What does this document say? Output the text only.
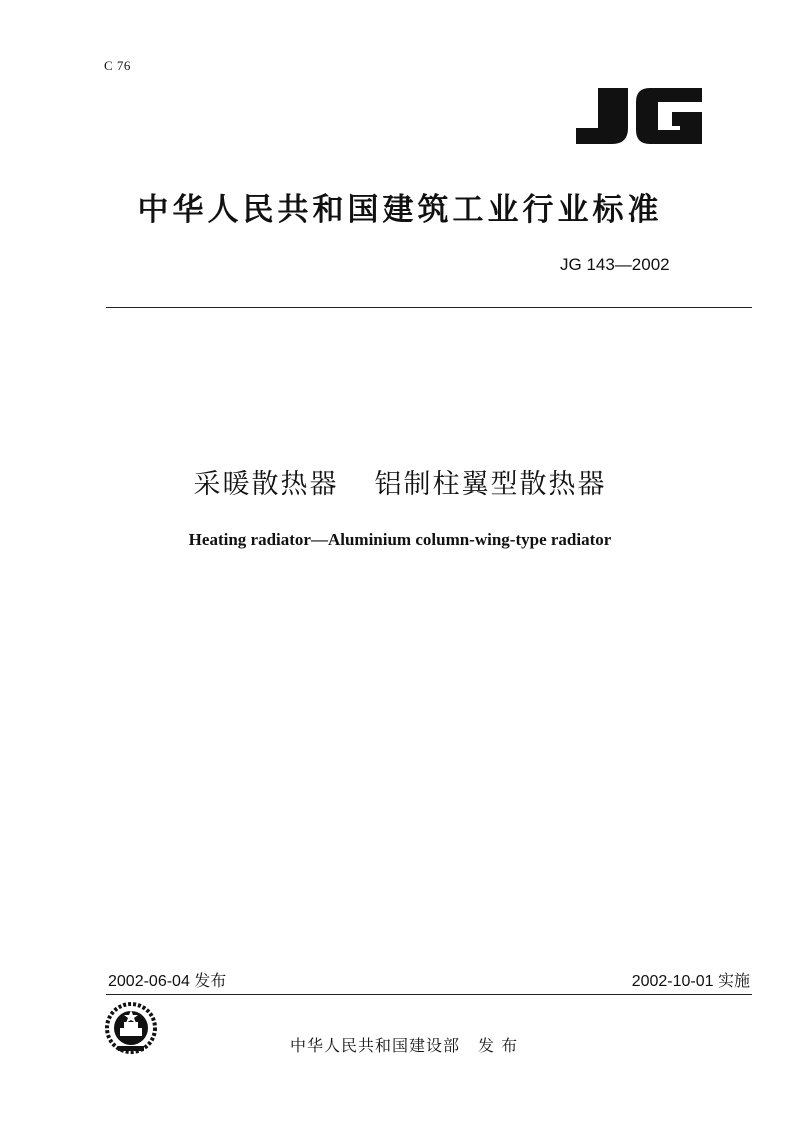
C 76
中华人民共和国建筑工业行业标准
JG 143—2002
采暖散热器 铝制柱翼型散热器
Heating radiator—Aluminium column-wing-type radiator
2002-06-04 发布	2002-10-01 实施
中华人民共和国建设部 发 布
